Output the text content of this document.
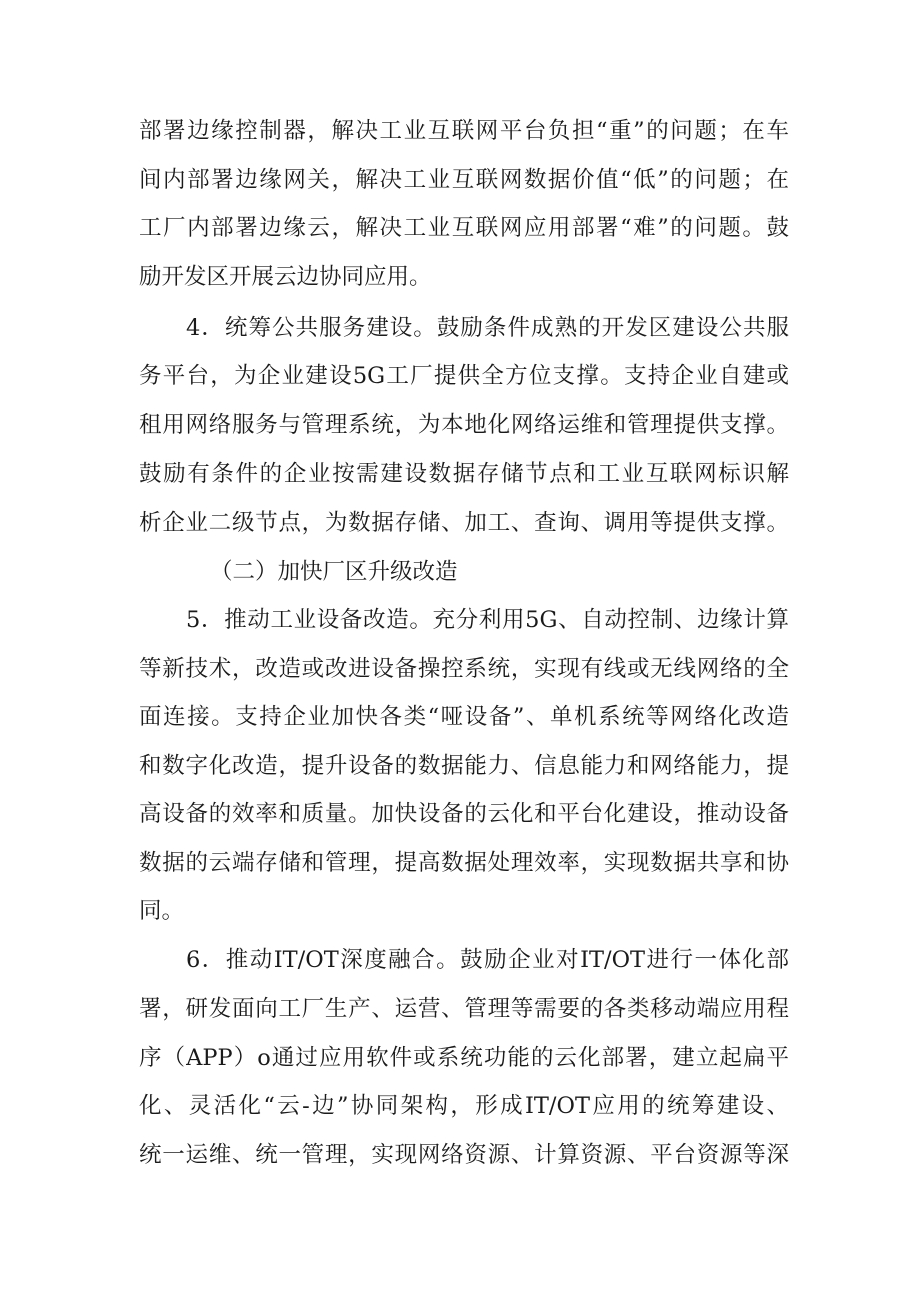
部署边缘控制器，解决工业互联网平台负担“重”的问题；在车
间内部署边缘网关，解决工业互联网数据价值“低”的问题；在
工厂内部署边缘云，解决工业互联网应用部署“难”的问题。鼓
励开发区开展云边协同应用。
4．统筹公共服务建设。鼓励条件成熟的开发区建设公共服
务平台，为企业建设5G工厂提供全方位支撑。支持企业自建或
租用网络服务与管理系统，为本地化网络运维和管理提供支撑。
鼓励有条件的企业按需建设数据存储节点和工业互联网标识解
析企业二级节点，为数据存储、加工、查询、调用等提供支撑。
（二）加快厂区升级改造
5．推动工业设备改造。充分利用5G、自动控制、边缘计算
等新技术，改造或改进设备操控系统，实现有线或无线网络的全
面连接。支持企业加快各类“哑设备”、单机系统等网络化改造
和数字化改造，提升设备的数据能力、信息能力和网络能力，提
高设备的效率和质量。加快设备的云化和平台化建设，推动设备
数据的云端存储和管理，提高数据处理效率，实现数据共享和协
同。
6．推动IT/OT深度融合。鼓励企业对IT/OT进行一体化部
署，研发面向工厂生产、运营、管理等需要的各类移动端应用程
序（APP）o通过应用软件或系统功能的云化部署，建立起扁平
化、灵活化“云-边”协同架构，形成IT/OT应用的统筹建设、
统一运维、统一管理，实现网络资源、计算资源、平台资源等深
